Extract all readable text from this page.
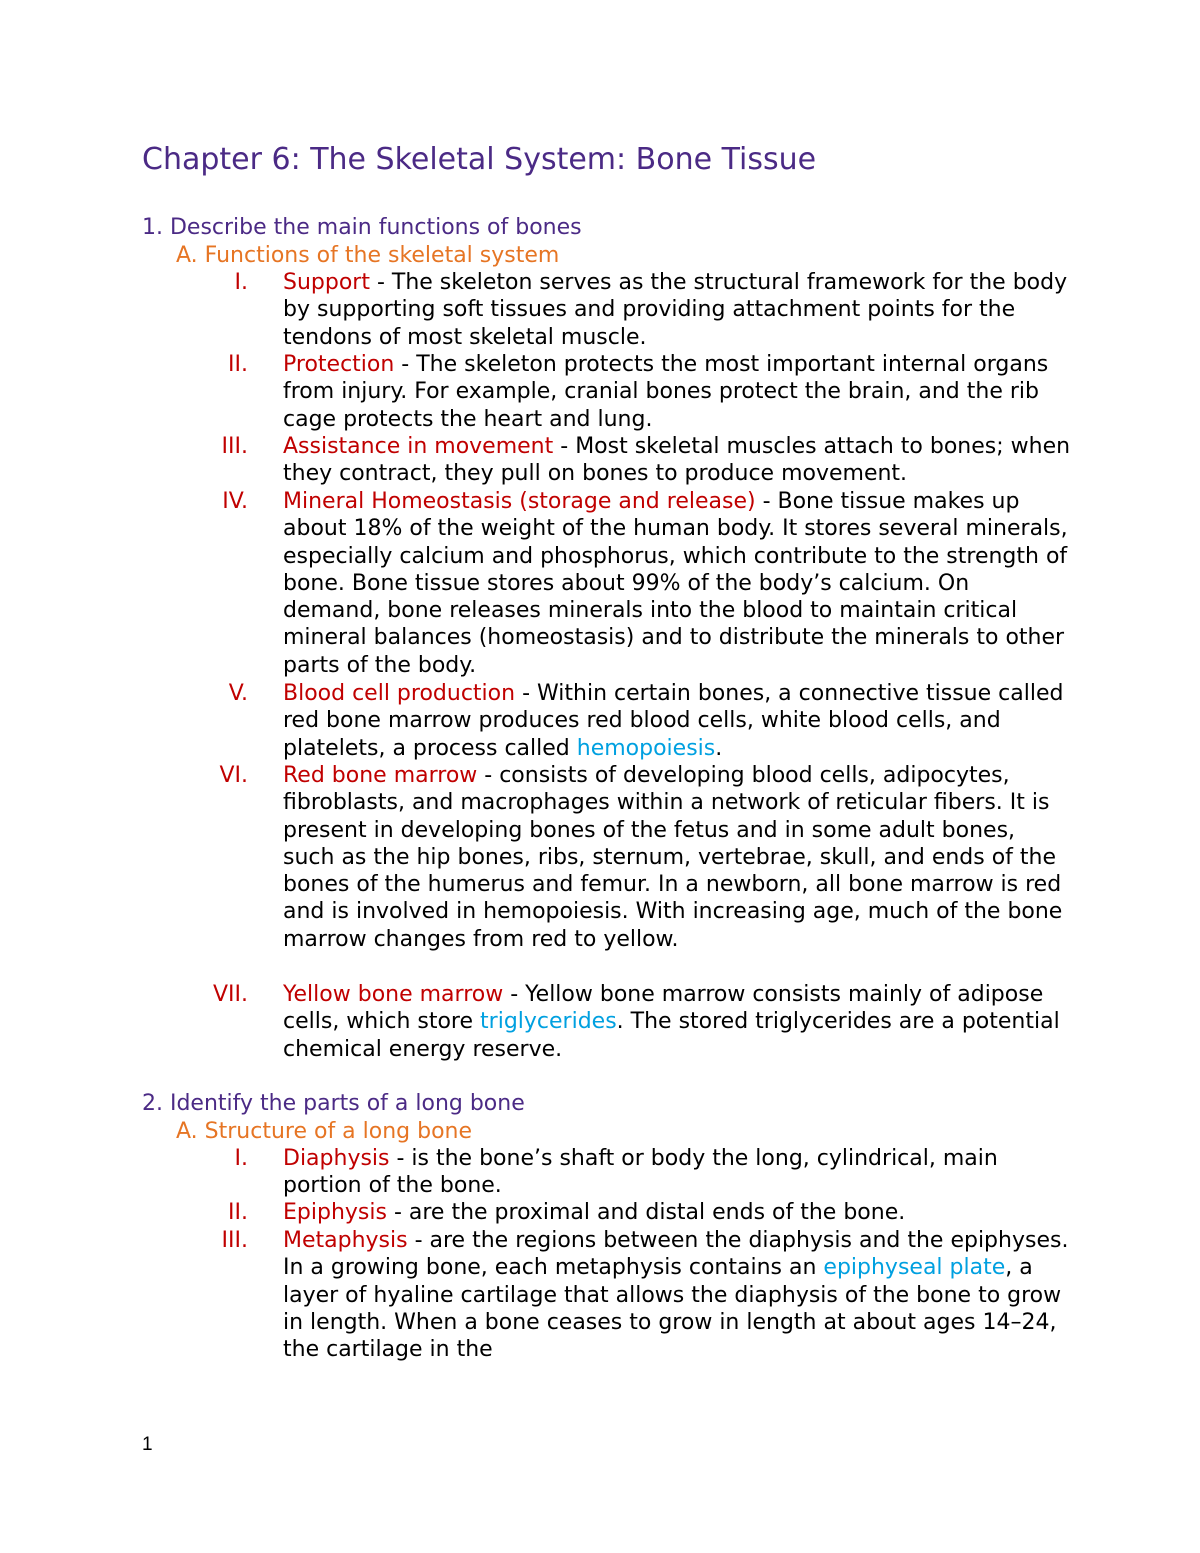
Chapter 6: The Skeletal System: Bone Tissue
1. Describe the main functions of bones
A. Functions of the skeletal system
I. Support - The skeleton serves as the structural framework for the body by supporting soft tissues and providing attachment points for the tendons of most skeletal muscle.
II. Protection - The skeleton protects the most important internal organs from injury. For example, cranial bones protect the brain, and the rib cage protects the heart and lung.
III. Assistance in movement - Most skeletal muscles attach to bones; when they contract, they pull on bones to produce movement.
IV. Mineral Homeostasis (storage and release) - Bone tissue makes up about 18% of the weight of the human body. It stores several minerals, especially calcium and phosphorus, which contribute to the strength of bone. Bone tissue stores about 99% of the body’s calcium. On demand, bone releases minerals into the blood to maintain critical mineral balances (homeostasis) and to distribute the minerals to other parts of the body.
V. Blood cell production - Within certain bones, a connective tissue called red bone marrow produces red blood cells, white blood cells, and platelets, a process called hemopoiesis.
VI. Red bone marrow - consists of developing blood cells, adipocytes, fibroblasts, and macrophages within a network of reticular fibers. It is present in developing bones of the fetus and in some adult bones, such as the hip bones, ribs, sternum, vertebrae, skull, and ends of the bones of the humerus and femur. In a newborn, all bone marrow is red and is involved in hemopoiesis. With increasing age, much of the bone marrow changes from red to yellow.
VII. Yellow bone marrow - Yellow bone marrow consists mainly of adipose cells, which store triglycerides. The stored triglycerides are a potential chemical energy reserve.
2. Identify the parts of a long bone
A. Structure of a long bone
I. Diaphysis - is the bone’s shaft or body the long, cylindrical, main portion of the bone.
II. Epiphysis - are the proximal and distal ends of the bone.
III. Metaphysis - are the regions between the diaphysis and the epiphyses. In a growing bone, each metaphysis contains an epiphyseal plate, a layer of hyaline cartilage that allows the diaphysis of the bone to grow in length. When a bone ceases to grow in length at about ages 14–24, the cartilage in the
1
